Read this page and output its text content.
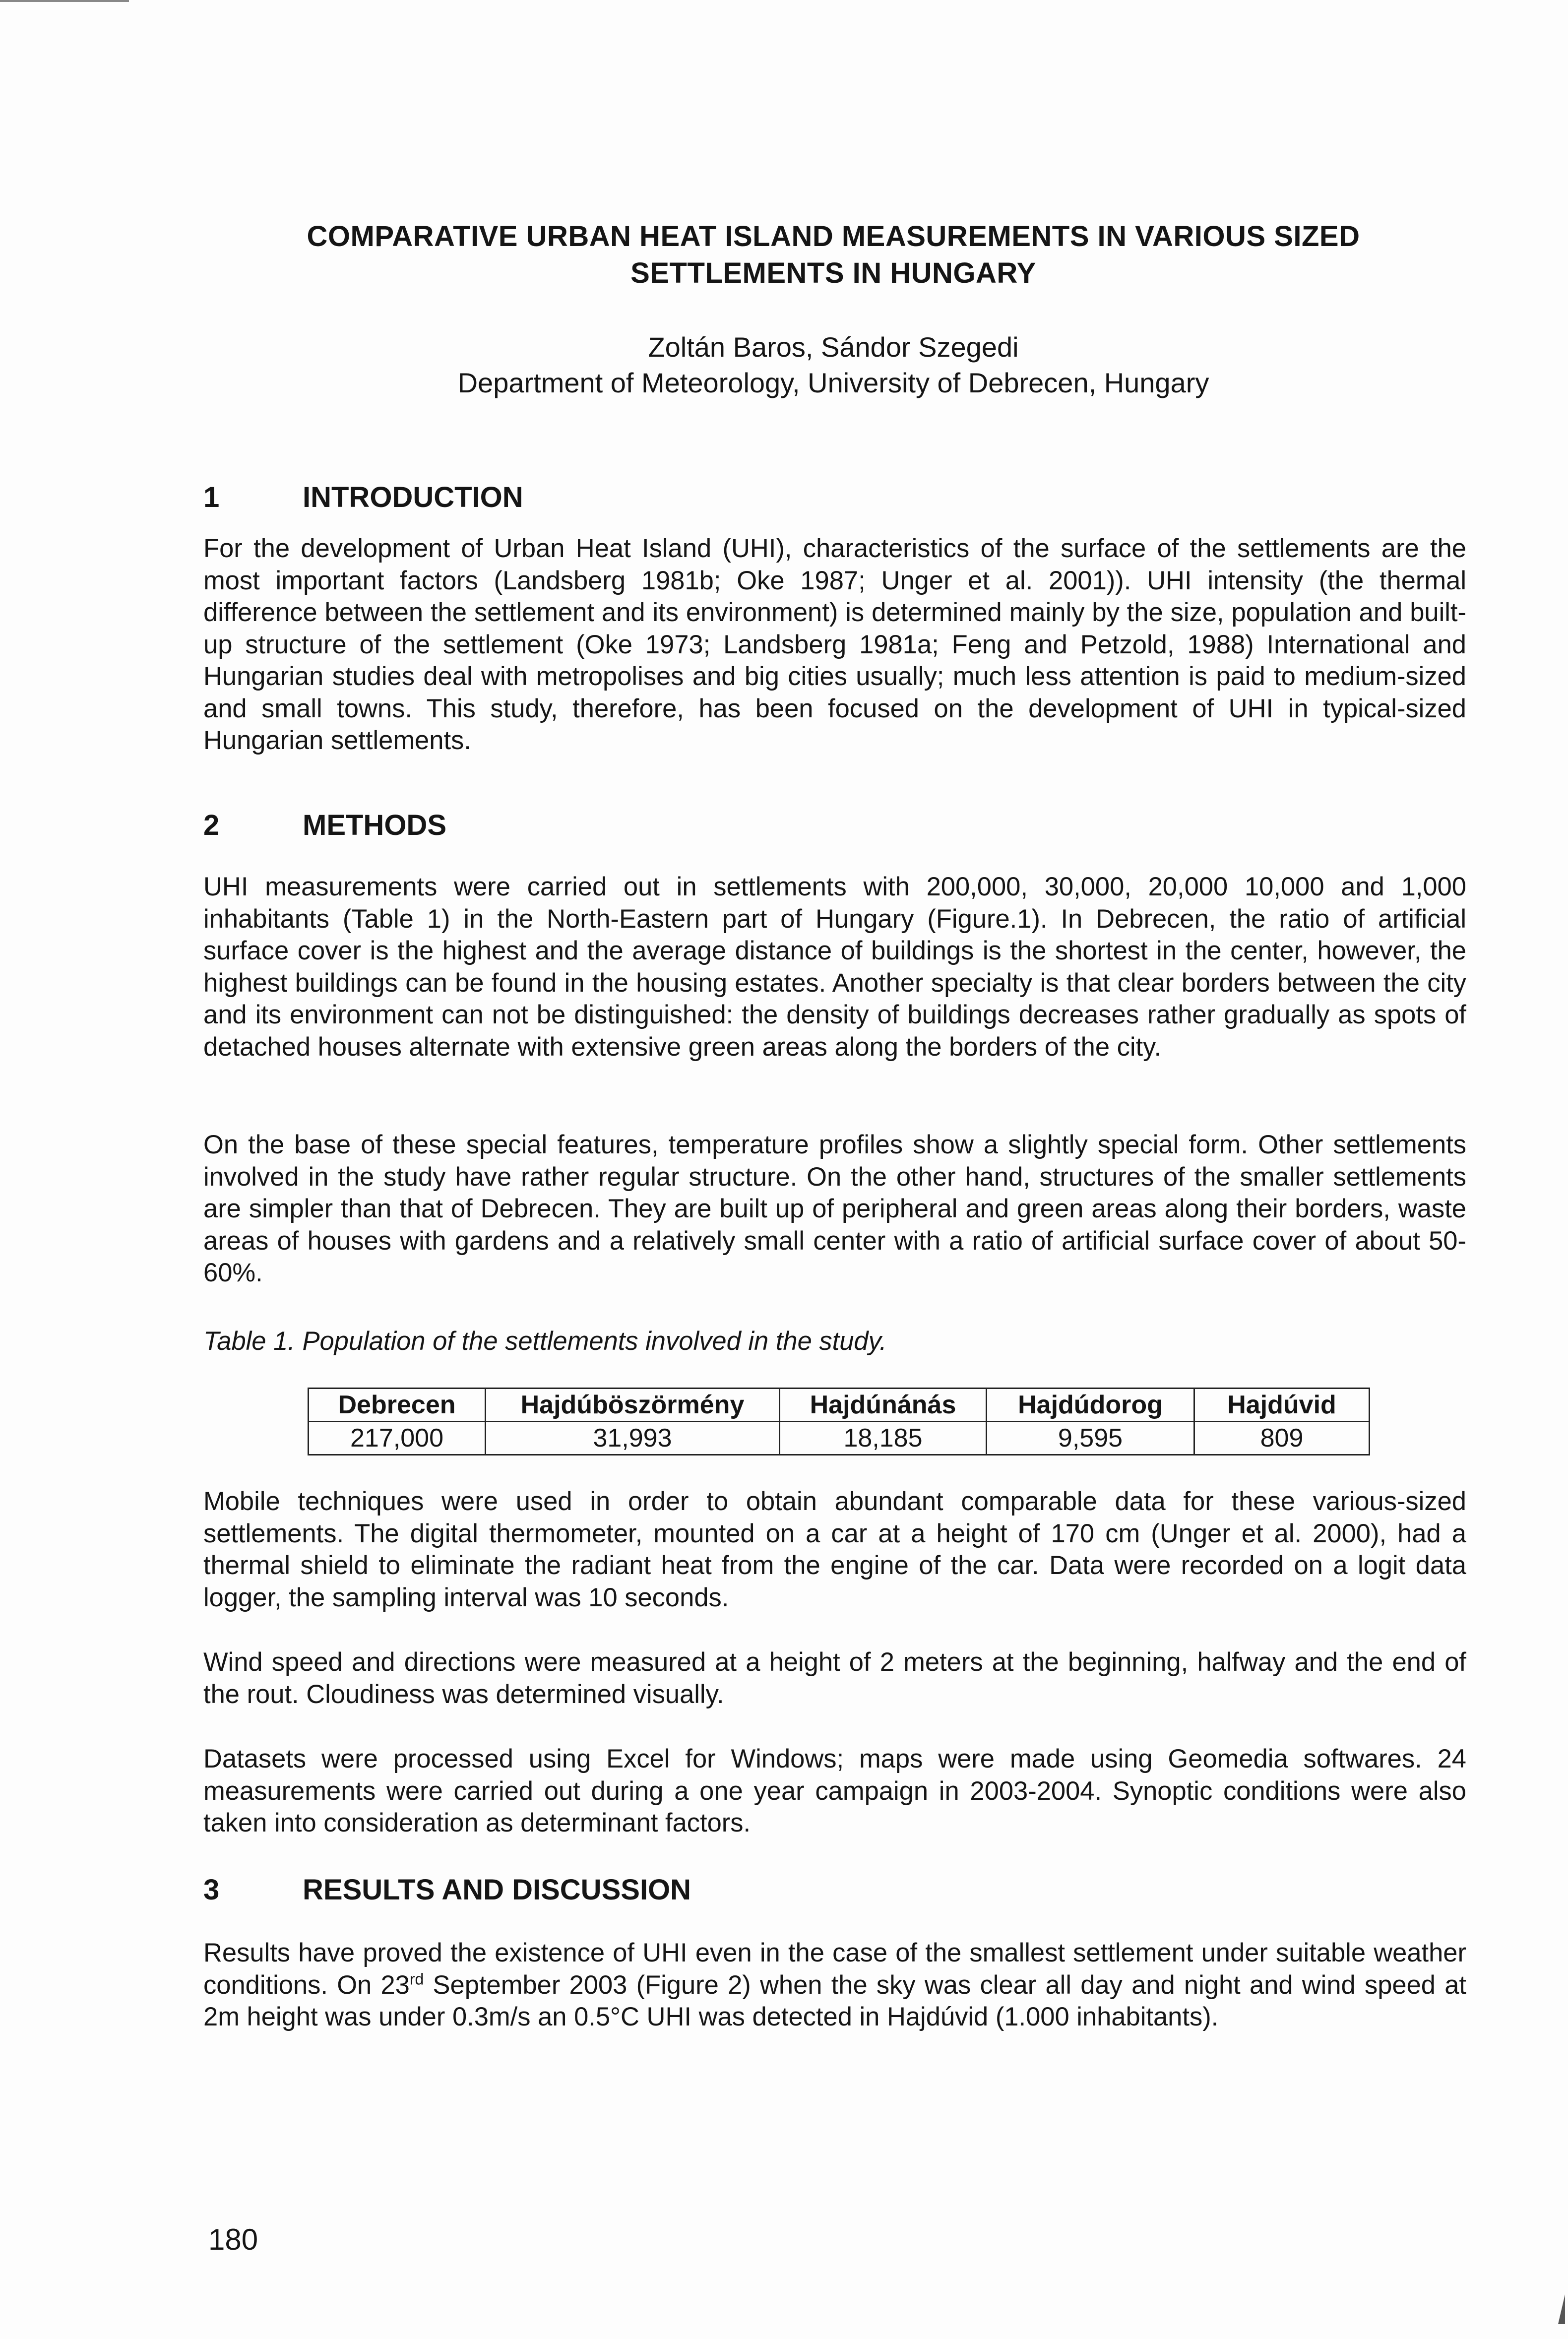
COMPARATIVE URBAN HEAT ISLAND MEASUREMENTS IN VARIOUS SIZED
SETTLEMENTS IN HUNGARY
Zoltán Baros, Sándor Szegedi
Department of Meteorology, University of Debrecen, Hungary
1	INTRODUCTION

For the development of Urban Heat Island (UHI), characteristics of the surface of the settlements are the most important factors (Landsberg 1981b; Oke 1987; Unger et al. 2001)). UHI intensity (the thermal difference between the settlement and its environment) is determined mainly by the size, population and built-up structure of the settlement (Oke 1973; Landsberg 1981a; Feng and Petzold, 1988) International and Hungarian studies deal with metropolises and big cities usually; much less attention is paid to medium-sized and small towns. This study, therefore, has been focused on the development of UHI in typical-sized Hungarian settlements.

2	METHODS

UHI measurements were carried out in settlements with 200,000, 30,000, 20,000 10,000 and 1,000 inhabitants (Table 1) in the North-Eastern part of Hungary (Figure.1). In Debrecen, the ratio of artificial surface cover is the highest and the average distance of buildings is the shortest in the center, however, the highest buildings can be found in the housing estates. Another specialty is that clear borders between the city and its environment can not be distinguished: the density of buildings decreases rather gradually as spots of detached houses alternate with extensive green areas along the borders of the city.

On the base of these special features, temperature profiles show a slightly special form. Other settlements involved in the study have rather regular structure. On the other hand, structures of the smaller settlements are simpler than that of Debrecen. They are built up of peripheral and green areas along their borders, waste areas of houses with gardens and a relatively small center with a ratio of artificial surface cover of about 50-60%.

Table 1. Population of the settlements involved in the study.
Debrecen	Hajdúböszörmény	Hajdúnánás	Hajdúdorog	Hajdúvid
217,000	31,993	18,185	9,595	809

Mobile techniques were used in order to obtain abundant comparable data for these various-sized settlements. The digital thermometer, mounted on a car at a height of 170 cm (Unger et al. 2000), had a thermal shield to eliminate the radiant heat from the engine of the car. Data were recorded on a logit data logger, the sampling interval was 10 seconds.

Wind speed and directions were measured at a height of 2 meters at the beginning, halfway and the end of the rout. Cloudiness was determined visually.

Datasets were processed using Excel for Windows; maps were made using Geomedia softwares. 24 measurements were carried out during a one year campaign in 2003-2004. Synoptic conditions were also taken into consideration as determinant factors.

3	RESULTS AND DISCUSSION

Results have proved the existence of UHI even in the case of the smallest settlement under suitable weather conditions. On 23rd September 2003 (Figure 2) when the sky was clear all day and night and wind speed at 2m height was under 0.3m/s an 0.5°C UHI was detected in Hajdúvid (1.000 inhabitants).

180
